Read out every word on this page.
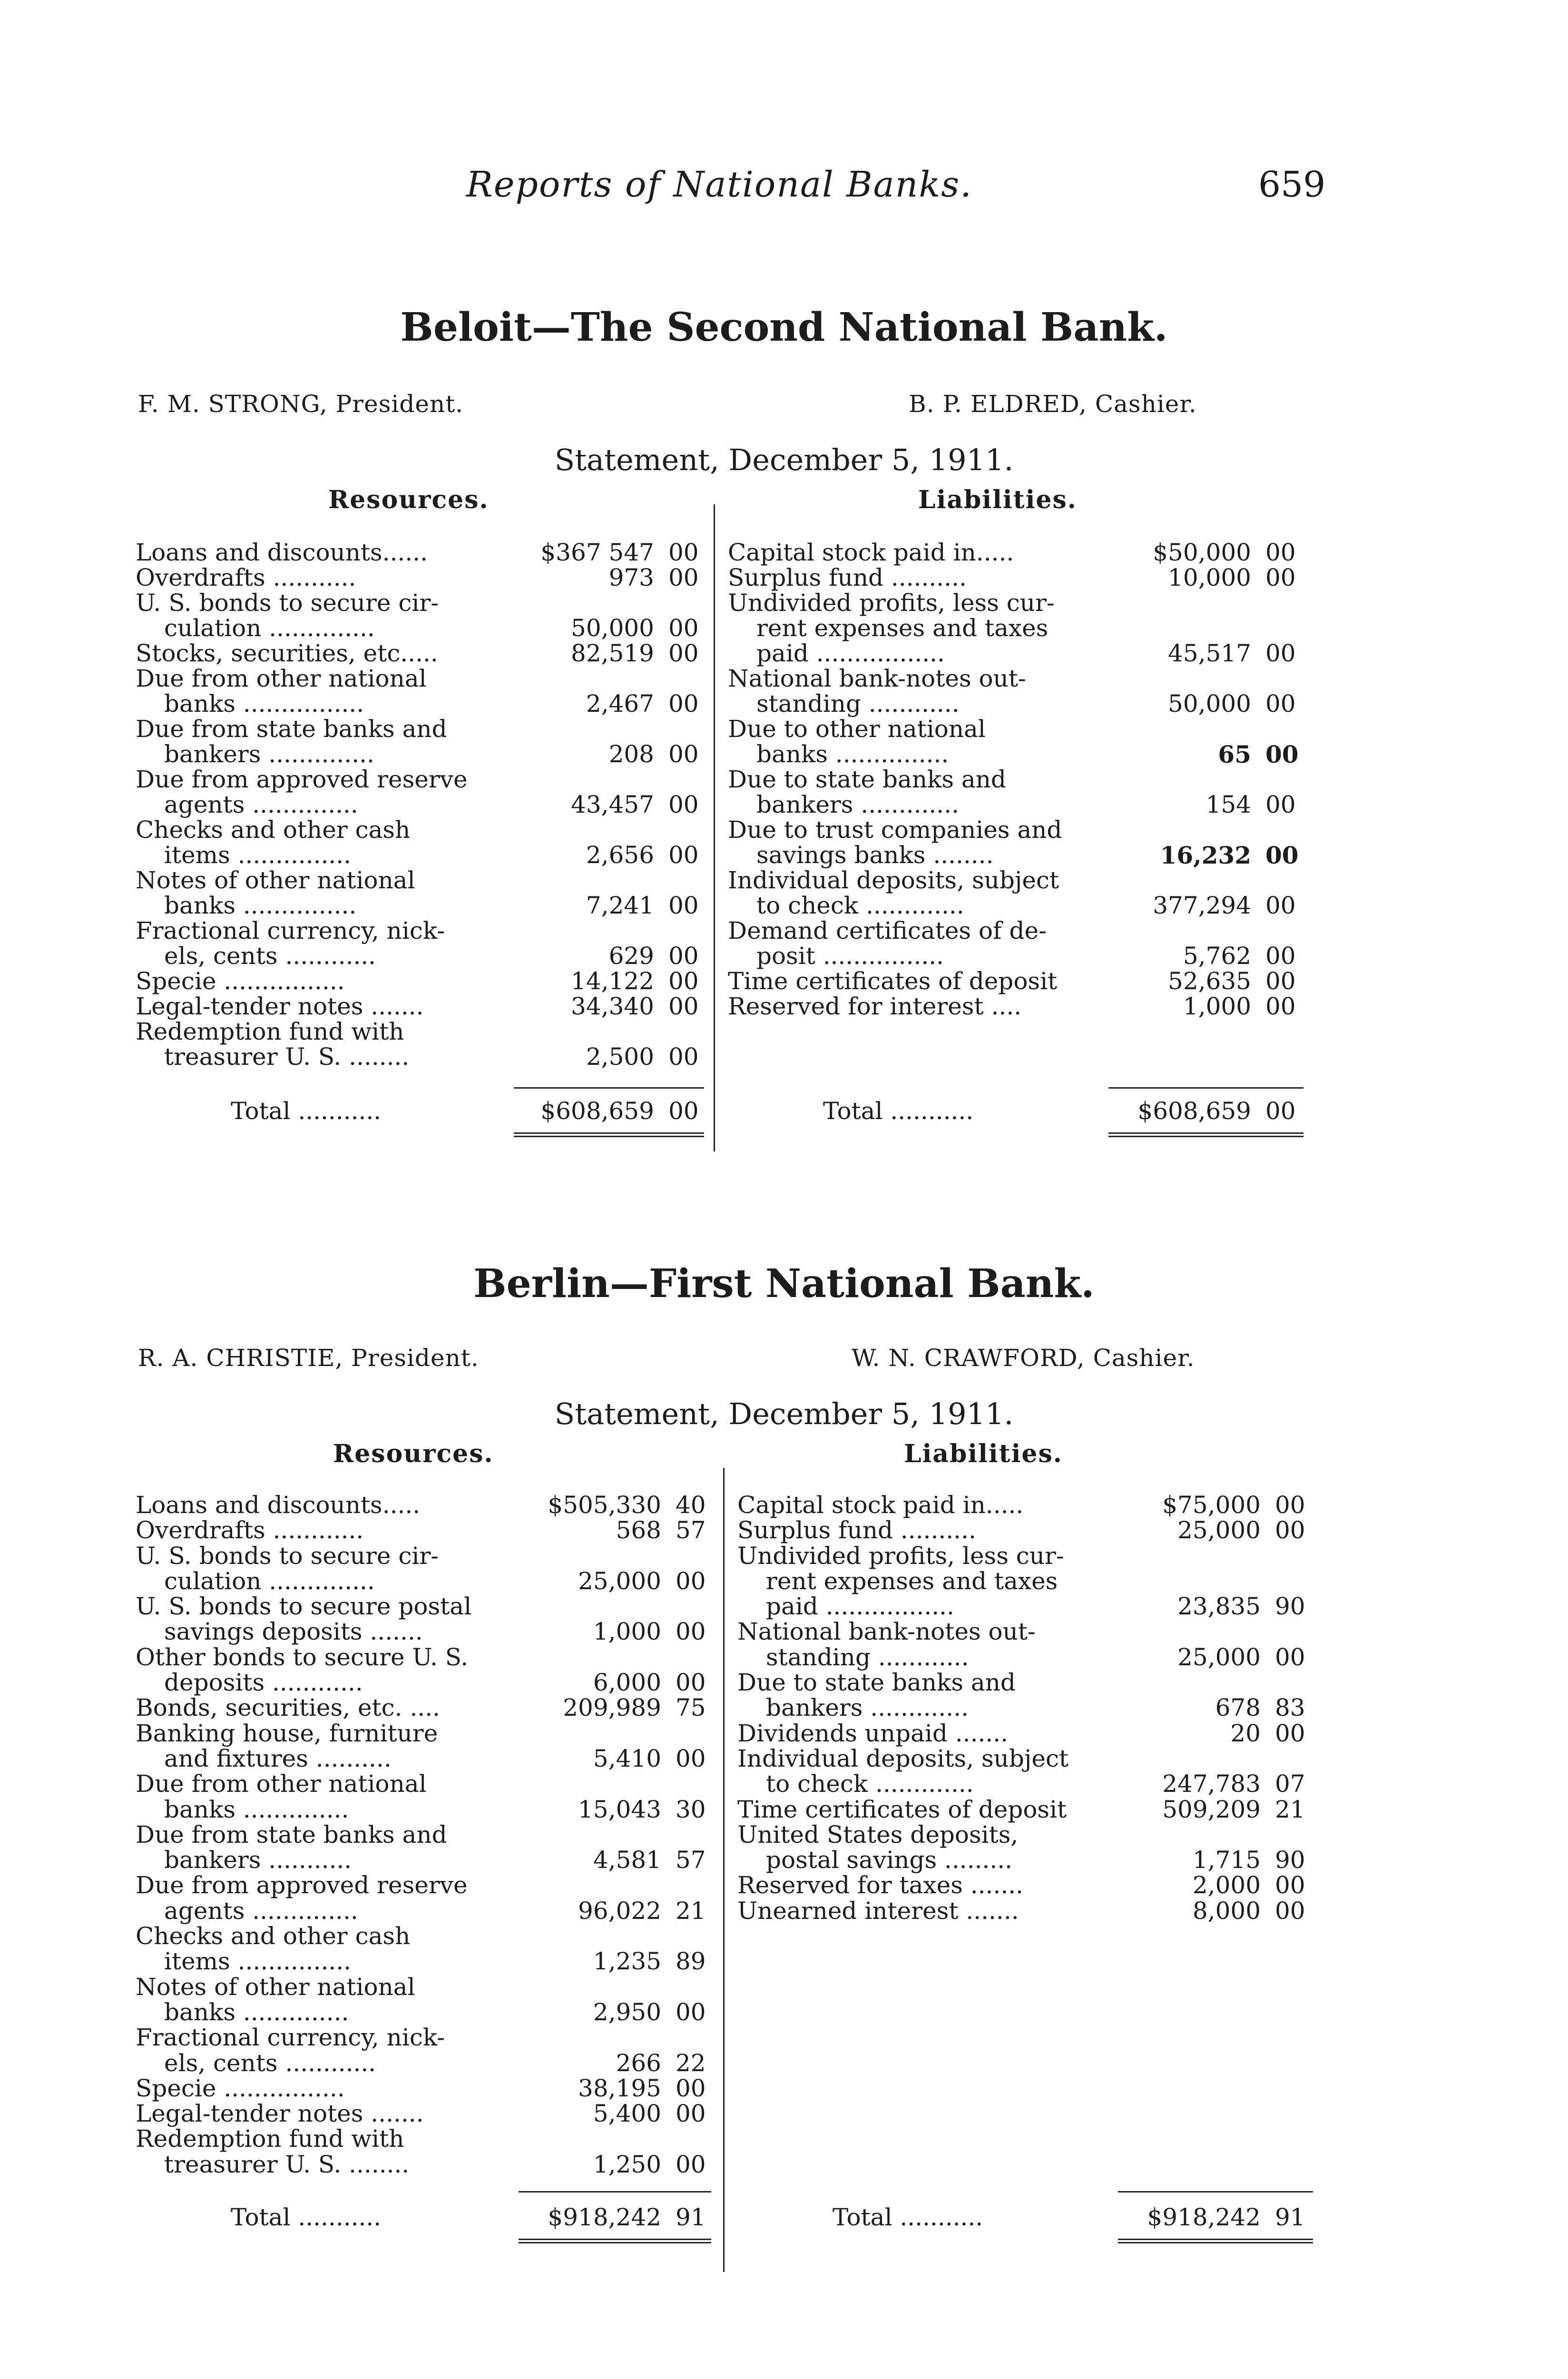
Reports of National Banks.	659
Beloit—The Second National Bank.
F. M. STRONG, President.	B. P. ELDRED, Cashier.
Statement, December 5, 1911.
Resources.	Liabilities.
Loans and discounts......	$367 547 00
Overdrafts ...........	973 00
U. S. bonds to secure cir-
culation ..............	50,000 00
Stocks, securities, etc.....	82,519 00
Due from other national
banks ................	2,467 00
Due from state banks and
bankers ..............	208 00
Due from approved reserve
agents ..............	43,457 00
Checks and other cash
items ...............	2,656 00
Notes of other national
banks ...............	7,241 00
Fractional currency, nick-
els, cents ............	629 00
Specie ................	14,122 00
Legal-tender notes .......	34,340 00
Redemption fund with
treasurer U. S. ........	2,500 00
Capital stock paid in.....	$50,000 00
Surplus fund ..........	10,000 00
Undivided profits, less cur-
rent expenses and taxes
paid .................	45,517 00
National bank-notes out-
standing ............	50,000 00
Due to other national
banks ...............	65 00
Due to state banks and
bankers .............	154 00
Due to trust companies and
savings banks ........	16,232 00
Individual deposits, subject
to check .............	377,294 00
Demand certificates of de-
posit ................	5,762 00
Time certificates of deposit	52,635 00
Reserved for interest ....	1,000 00
Total ...........	$608,659 00	Total ...........	$608,659 00
Berlin—First National Bank.
R. A. CHRISTIE, President.	W. N. CRAWFORD, Cashier.
Statement, December 5, 1911.
Resources.	Liabilities.
Loans and discounts.....	$505,330 40
Overdrafts ............	568 57
U. S. bonds to secure cir-
culation ..............	25,000 00
U. S. bonds to secure postal
savings deposits .......	1,000 00
Other bonds to secure U. S.
deposits ............	6,000 00
Bonds, securities, etc. ....	209,989 75
Banking house, furniture
and fixtures ..........	5,410 00
Due from other national
banks ..............	15,043 30
Due from state banks and
bankers ...........	4,581 57
Due from approved reserve
agents ..............	96,022 21
Checks and other cash
items ...............	1,235 89
Notes of other national
banks ..............	2,950 00
Fractional currency, nick-
els, cents ............	266 22
Specie ................	38,195 00
Legal-tender notes .......	5,400 00
Redemption fund with
treasurer U. S. ........	1,250 00
Capital stock paid in.....	$75,000 00
Surplus fund ..........	25,000 00
Undivided profits, less cur-
rent expenses and taxes
paid .................	23,835 90
National bank-notes out-
standing ............	25,000 00
Due to state banks and
bankers .............	678 83
Dividends unpaid .......	20 00
Individual deposits, subject
to check .............	247,783 07
Time certificates of deposit	509,209 21
United States deposits,
postal savings .........	1,715 90
Reserved for taxes .......	2,000 00
Unearned interest .......	8,000 00
Total ...........	$918,242 91	Total ...........	$918,242 91
